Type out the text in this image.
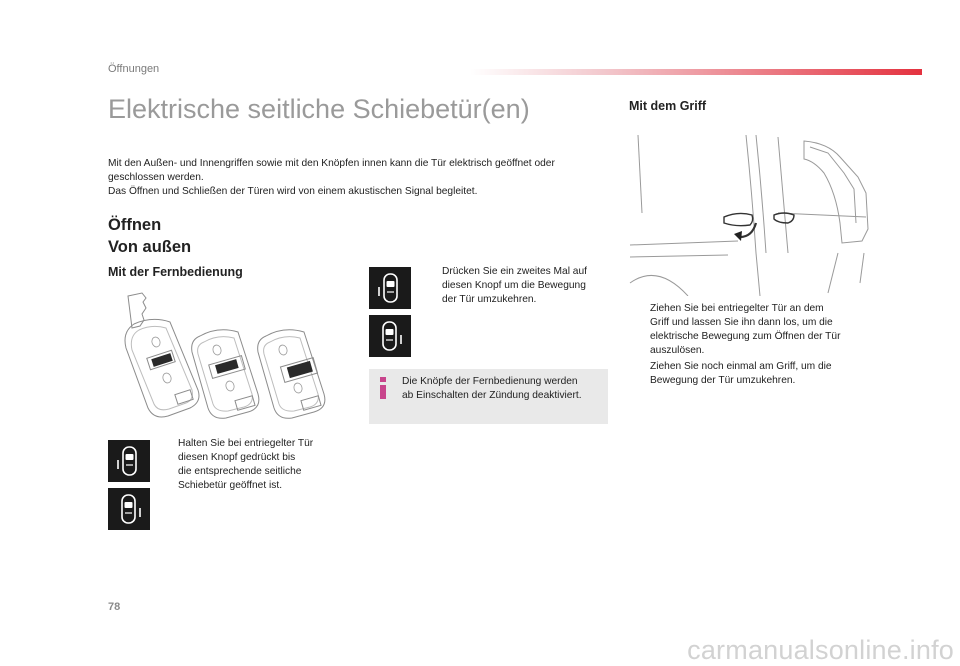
Öffnungen
Elektrische seitliche Schiebetür(en)

Mit den Außen- und Innengriffen sowie mit den Knöpfen innen kann die Tür elektrisch geöffnet oder

geschlossen werden.

Das Öffnen und Schließen der Türen wird von einem akustischen Signal begleitet.

Öffnen
Von außen
Mit der Fernbedienung
Halten Sie bei entriegelter Tür
diesen Knopf gedrückt bis
die entsprechende seitliche
Schiebetür geöffnet ist.
Drücken Sie ein zweites Mal auf
diesen Knopf um die Bewegung
der Tür umzukehren.
Die Knöpfe der Fernbedienung werden
ab Einschalten der Zündung deaktiviert.
Mit dem Griff
Ziehen Sie bei entriegelter Tür an dem
Griff und lassen Sie ihn dann los, um die
elektrische Bewegung zum Öffnen der Tür
auszulösen.
Ziehen Sie noch einmal am Griff, um die
Bewegung der Tür umzukehren.
78
carmanualsonline.info
